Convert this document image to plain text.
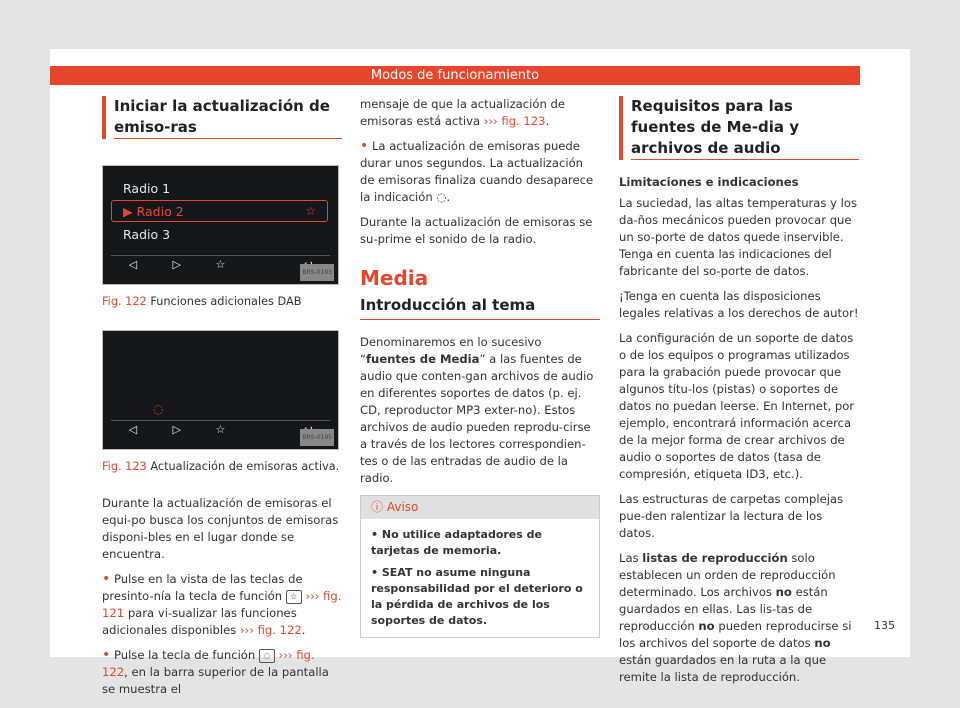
Modos de funcionamiento
Iniciar la actualización de emiso-ras
Radio 1
▶ Radio 2	☆
Radio 3
◁	▷	☆
BRS-0193
Fig. 122 Funciones adicionales DAB
◌
◁	▷	☆
BRS-0195
Fig. 123 Actualización de emisoras activa.

Durante la actualización de emisoras el equi-po busca los conjuntos de emisoras disponi-bles en el lugar donde se encuentra.

• Pulse en la vista de las teclas de presinto-nía la tecla de función ☆ ››› fig. 121 para vi-sualizar las funciones adicionales disponibles ››› fig. 122.
• Pulse la tecla de función ◌ ››› fig. 122, en la barra superior de la pantalla se muestra el

mensaje de que la actualización de emisoras está activa ››› fig. 123.

• La actualización de emisoras puede durar unos segundos. La actualización de emisoras finaliza cuando desaparece la indicación ◌.

Durante la actualización de emisoras se su-prime el sonido de la radio.

Media
Introducción al tema

Denominaremos en lo sucesivo “fuentes de Media” a las fuentes de audio que conten-gan archivos de audio en diferentes soportes de datos (p. ej. CD, reproductor MP3 exter-no). Estos archivos de audio pueden reprodu-cirse a través de los lectores correspondien-tes o de las entradas de audio de la radio.

ⓘ Aviso
• No utilice adaptadores de tarjetas de memoria.
• SEAT no asume ninguna responsabilidad por el deterioro o la pérdida de archivos de los soportes de datos.
Requisitos para las fuentes de Me-dia y archivos de audio

Limitaciones e indicaciones

La suciedad, las altas temperaturas y los da-ños mecánicos pueden provocar que un so-porte de datos quede inservible. Tenga en cuenta las indicaciones del fabricante del so-porte de datos.

¡Tenga en cuenta las disposiciones legales relativas a los derechos de autor!

La configuración de un soporte de datos o de los equipos o programas utilizados para la grabación puede provocar que algunos títu-los (pistas) o soportes de datos no puedan leerse. En Internet, por ejemplo, encontrará información acerca de la mejor forma de crear archivos de audio o soportes de datos (tasa de compresión, etiqueta ID3, etc.).

Las estructuras de carpetas complejas pue-den ralentizar la lectura de los datos.

Las listas de reproducción solo establecen un orden de reproducción determinado. Los archivos no están guardados en ellas. Las lis-tas de reproducción no pueden reproducirse si los archivos del soporte de datos no están guardados en la ruta a la que remite la lista de reproducción.

135
